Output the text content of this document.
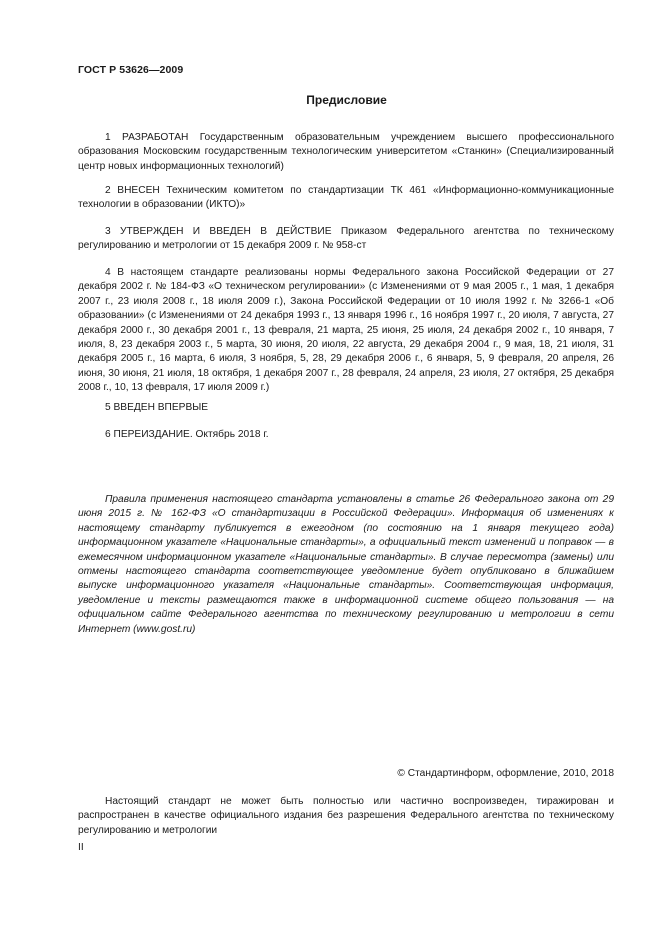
ГОСТ Р 53626—2009
Предисловие

1 РАЗРАБОТАН Государственным образовательным учреждением высшего профессионального образования Московским государственным технологическим университетом «Станкин» (Специализированный центр новых информационных технологий)

2 ВНЕСЕН Техническим комитетом по стандартизации ТК 461 «Информационно-коммуникационные технологии в образовании (ИКТО)»

3 УТВЕРЖДЕН И ВВЕДЕН В ДЕЙСТВИЕ Приказом Федерального агентства по техническому регулированию и метрологии от 15 декабря 2009 г. № 958-ст

4 В настоящем стандарте реализованы нормы Федерального закона Российской Федерации от 27 декабря 2002 г. № 184-ФЗ «О техническом регулировании» (с Изменениями от 9 мая 2005 г., 1 мая, 1 декабря 2007 г., 23 июля 2008 г., 18 июля 2009 г.), Закона Российской Федерации от 10 июля 1992 г. № 3266-1 «Об образовании» (с Изменениями от 24 декабря 1993 г., 13 января 1996 г., 16 ноября 1997 г., 20 июля, 7 августа, 27 декабря 2000 г., 30 декабря 2001 г., 13 февраля, 21 марта, 25 июня, 25 июля, 24 декабря 2002 г., 10 января, 7 июля, 8, 23 декабря 2003 г., 5 марта, 30 июня, 20 июля, 22 августа, 29 декабря 2004 г., 9 мая, 18, 21 июля, 31 декабря 2005 г., 16 марта, 6 июля, 3 ноября, 5, 28, 29 декабря 2006 г., 6 января, 5, 9 февраля, 20 апреля, 26 июня, 30 июня, 21 июля, 18 октября, 1 декабря 2007 г., 28 февраля, 24 апреля, 23 июля, 27 октября, 25 декабря 2008 г., 10, 13 февраля, 17 июля 2009 г.)

5 ВВЕДЕН ВПЕРВЫЕ

6 ПЕРЕИЗДАНИЕ. Октябрь 2018 г.

Правила применения настоящего стандарта установлены в статье 26 Федерального закона от 29 июня 2015 г. № 162-ФЗ «О стандартизации в Российской Федерации». Информация об изменениях к настоящему стандарту публикуется в ежегодном (по состоянию на 1 января текущего года) информационном указателе «Национальные стандарты», а официальный текст изменений и поправок — в ежемесячном информационном указателе «Национальные стандарты». В случае пересмотра (замены) или отмены настоящего стандарта соответствующее уведомление будет опубликовано в ближайшем выпуске информационного указателя «Национальные стандарты». Соответствующая информация, уведомление и тексты размещаются также в информационной системе общего пользования — на официальном сайте Федерального агентства по техническому регулированию и метрологии в сети Интернет (www.gost.ru)

© Стандартинформ, оформление, 2010, 2018

Настоящий стандарт не может быть полностью или частично воспроизведен, тиражирован и распространен в качестве официального издания без разрешения Федерального агентства по техническому регулированию и метрологии

II
